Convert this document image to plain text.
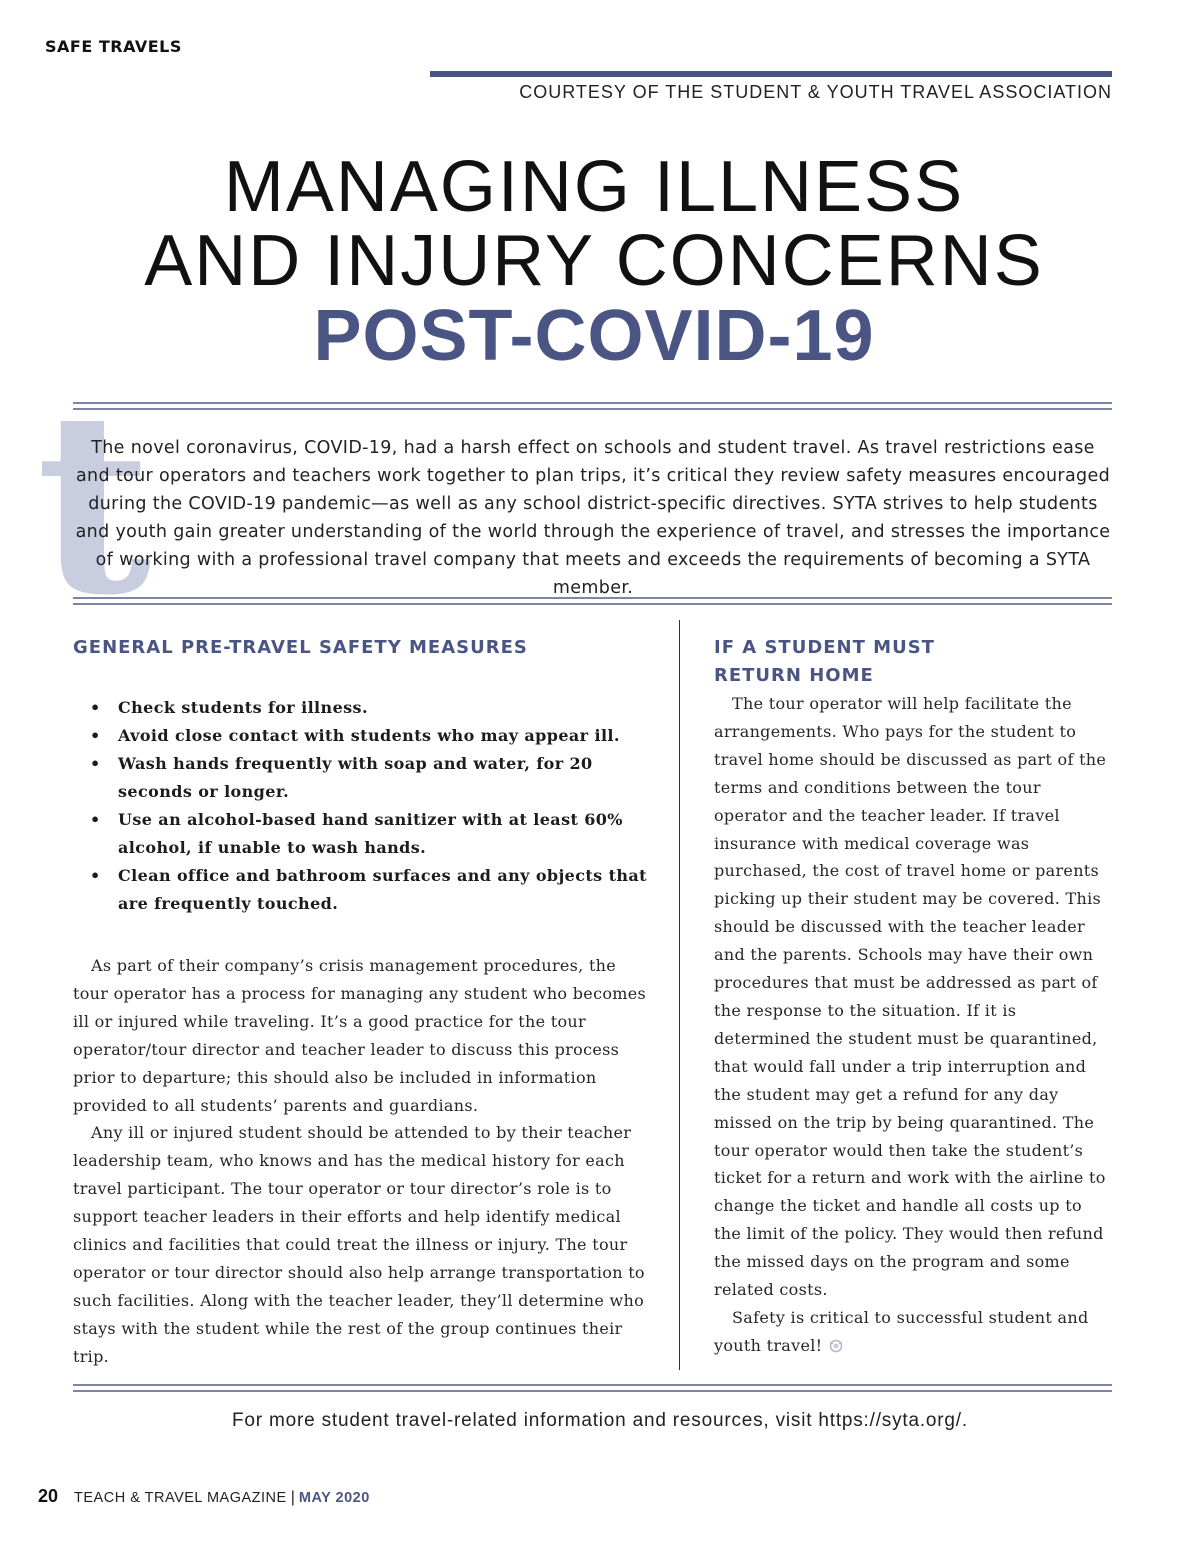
SAFE TRAVELS
COURTESY OF THE STUDENT & YOUTH TRAVEL ASSOCIATION
MANAGING ILLNESS
AND INJURY CONCERNS
POST-COVID-19
t
The novel coronavirus, COVID-19, had a harsh effect on schools and student travel. As travel restrictions ease and tour operators and teachers work together to plan trips, it’s critical they review safety measures encouraged during the COVID-19 pandemic—as well as any school district-specific directives. SYTA strives to help students and youth gain greater understanding of the world through the experience of travel, and stresses the importance of working with a professional travel company that meets and exceeds the requirements of becoming a SYTA member.
GENERAL PRE-TRAVEL SAFETY MEASURES
• Check students for illness.
• Avoid close contact with students who may appear ill.
• Wash hands frequently with soap and water, for 20 seconds or longer.
• Use an alcohol-based hand sanitizer with at least 60% alcohol, if unable to wash hands.
• Clean office and bathroom surfaces and any objects that are frequently touched.

As part of their company’s crisis management procedures, the tour operator has a process for managing any student who becomes ill or injured while traveling. It’s a good practice for the tour operator/tour director and teacher leader to discuss this process prior to departure; this should also be included in information provided to all students’ parents and guardians.

Any ill or injured student should be attended to by their teacher leadership team, who knows and has the medical history for each travel participant. The tour operator or tour director’s role is to support teacher leaders in their efforts and help identify medical clinics and facilities that could treat the illness or injury. The tour operator or tour director should also help arrange transportation to such facilities. Along with the teacher leader, they’ll determine who stays with the student while the rest of the group continues their trip.

IF A STUDENT MUST RETURN HOME

The tour operator will help facilitate the arrangements. Who pays for the student to travel home should be discussed as part of the terms and conditions between the tour operator and the teacher leader. If travel insurance with medical coverage was purchased, the cost of travel home or parents picking up their student may be covered. This should be discussed with the teacher leader and the parents. Schools may have their own procedures that must be addressed as part of the response to the situation. If it is determined the student must be quarantined, that would fall under a trip interruption and the student may get a refund for any day missed on the trip by being quarantined. The tour operator would then take the student’s ticket for a return and work with the airline to change the ticket and handle all costs up to the limit of the policy. They would then refund the missed days on the program and some related costs.

Safety is critical to successful student and youth travel!

For more student travel-related information and resources, visit https://syta.org/.
20 TEACH & TRAVEL MAGAZINE | MAY 2020
